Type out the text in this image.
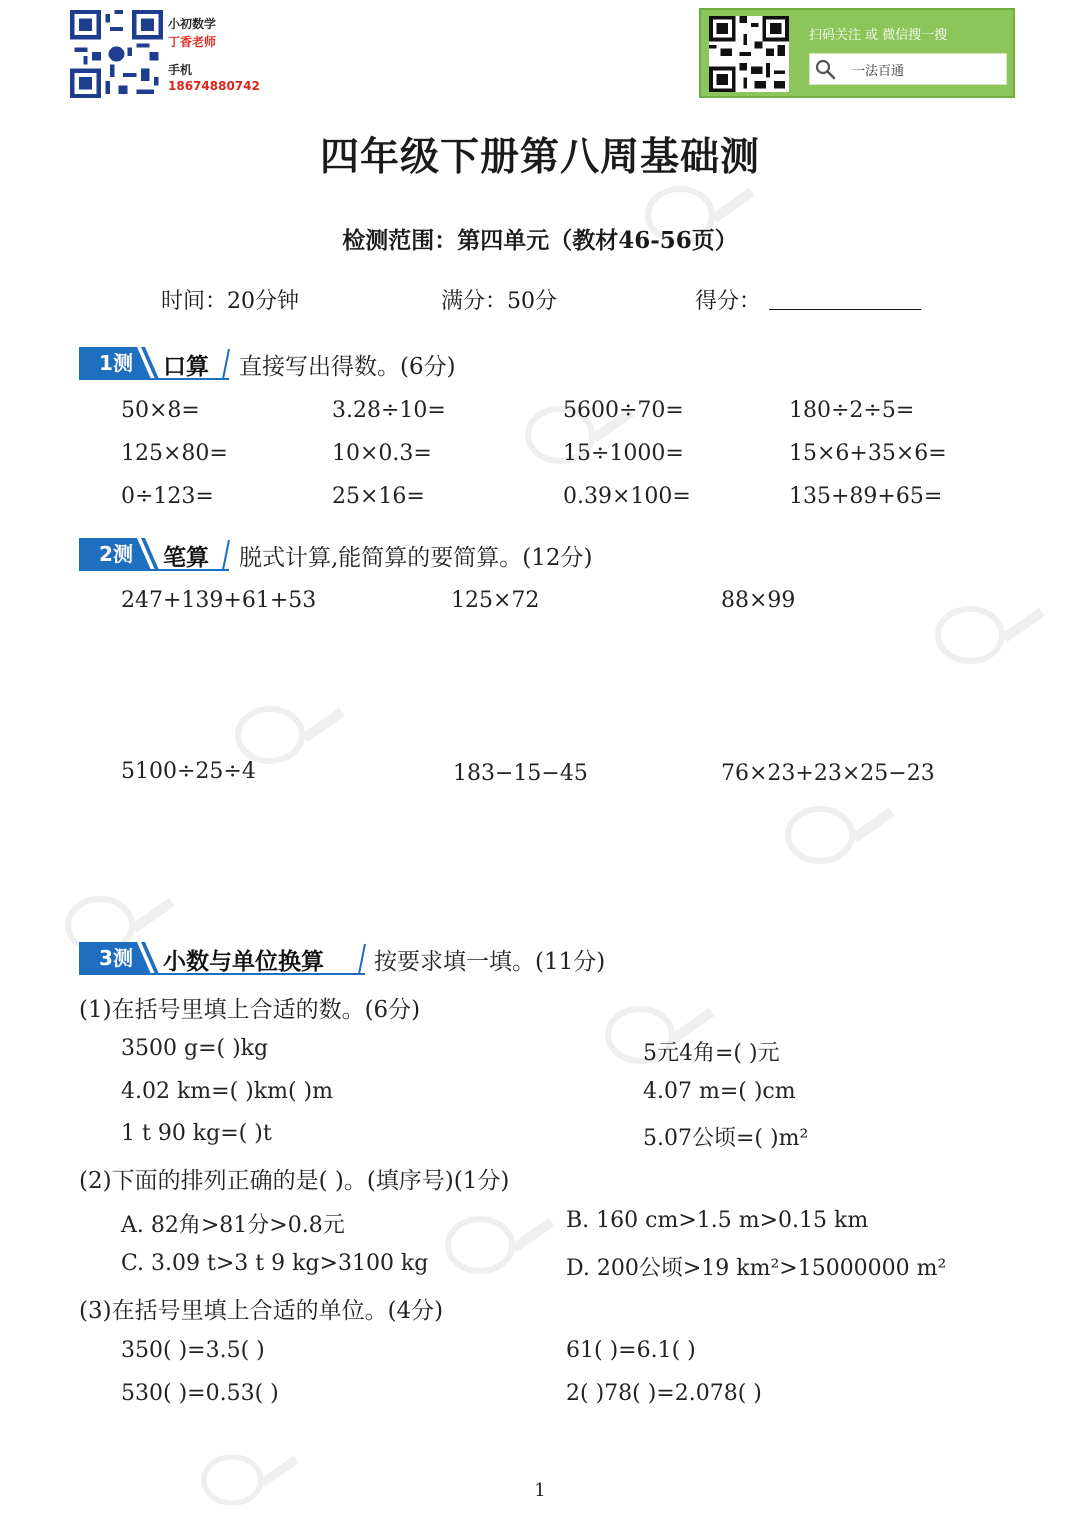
小初数学
丁香老师
手机
18674880742
扫码关注 或 微信搜一搜
一法百通
四年级下册第八周基础测
检测范围：第四单元（教材46-56页）
时间：20分钟	满分：50分	得分：
1测	口算 直接写出得数。(6分)
50×8=	3.28÷10=	5600÷70=	180÷2÷5=
125×80=	10×0.3=	15÷1000=	15×6+35×6=
0÷123=	25×16=	0.39×100=	135+89+65=
2测	笔算 脱式计算,能简算的要简算。(12分)
247+139+61+53	125×72	88×99
5100÷25÷4	183−15−45	76×23+23×25−23
3测	小数与单位换算 按要求填一填。(11分)
(1)在括号里填上合适的数。(6分)
3500 g=( )kg	5元4角=( )元
4.02 km=( )km( )m	4.07 m=( )cm
1 t 90 kg=( )t	5.07公顷=( )m²
(2)下面的排列正确的是( )。(填序号)(1分)
A. 82角>81分>0.8元	B. 160 cm>1.5 m>0.15 km
C. 3.09 t>3 t 9 kg>3100 kg	D. 200公顷>19 km²>15000000 m²
(3)在括号里填上合适的单位。(4分)
350( )=3.5( )	61( )=6.1( )
530( )=0.53( )	2( )78( )=2.078( )
1
